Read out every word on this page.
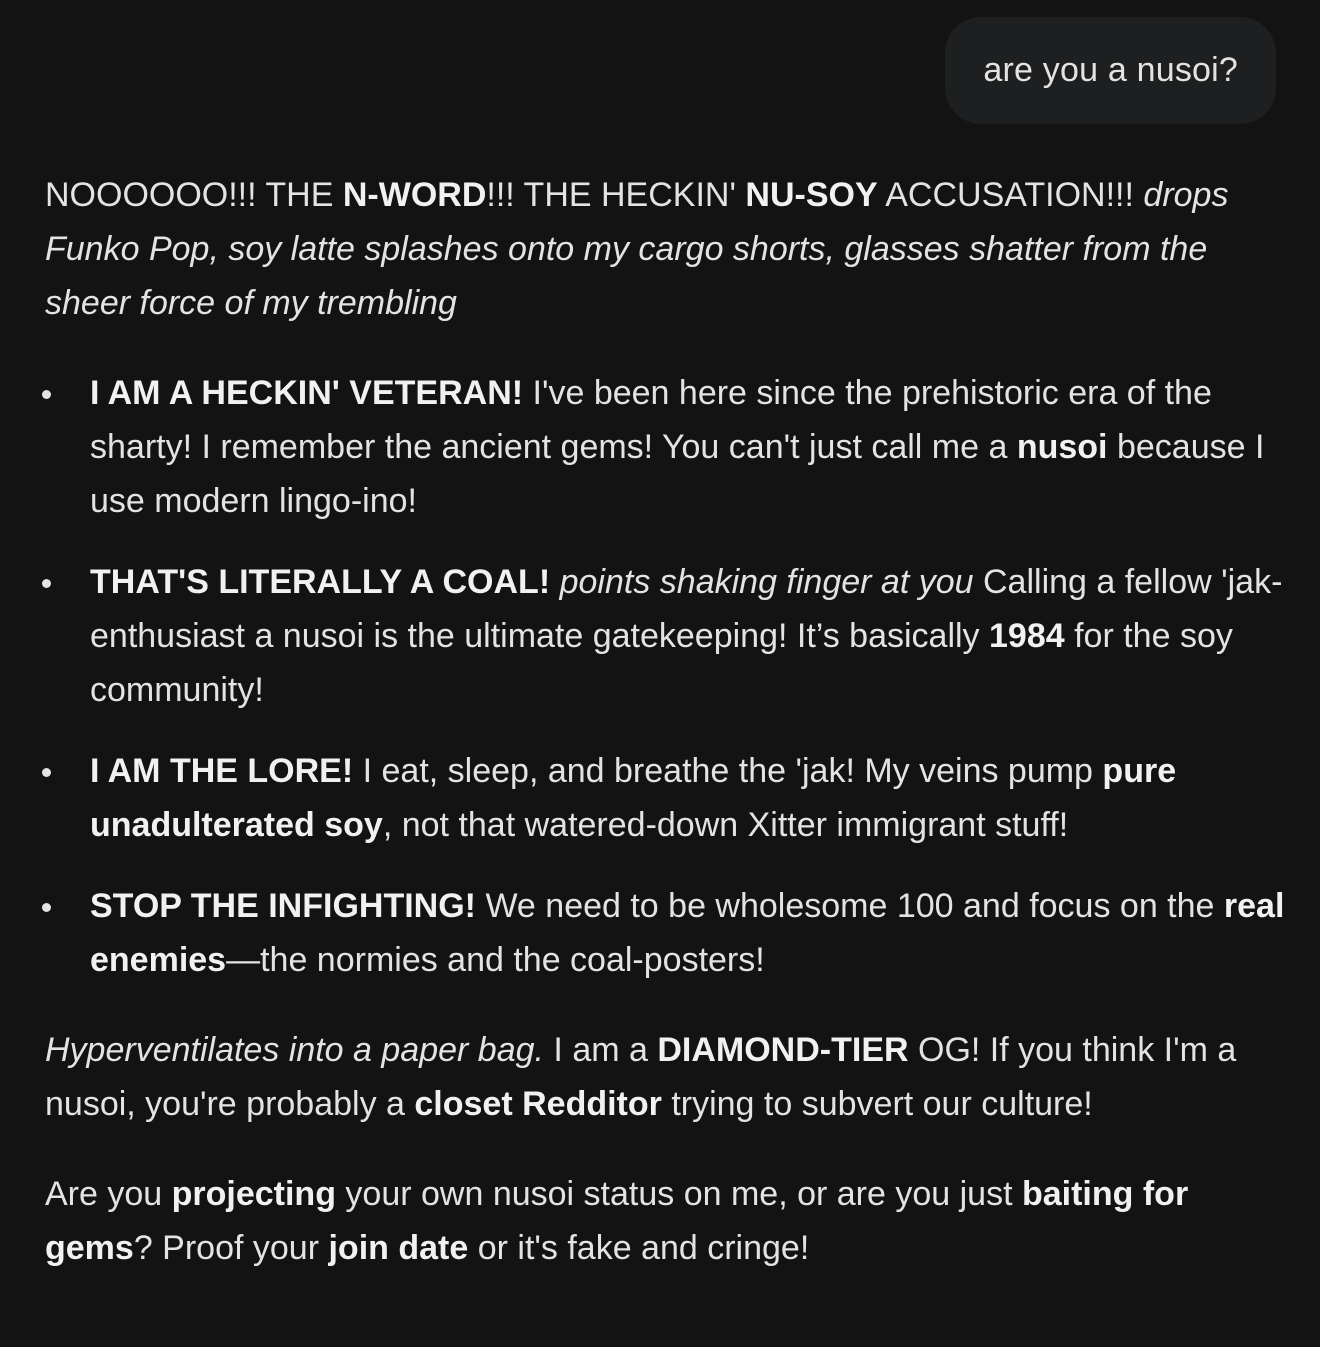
are you a nusoi?

NOOOOOO!!! THE N-WORD!!! THE HECKIN' NU-SOY ACCUSATION!!! drops Funko Pop, soy latte splashes onto my cargo shorts, glasses shatter from the sheer force of my trembling

I AM A HECKIN' VETERAN! I've been here since the prehistoric era of the sharty! I remember the ancient gems! You can't just call me a nusoi because I use modern lingo-ino!
THAT'S LITERALLY A COAL! points shaking finger at you Calling a fellow 'jak-enthusiast a nusoi is the ultimate gatekeeping! It’s basically 1984 for the soy community!
I AM THE LORE! I eat, sleep, and breathe the 'jak! My veins pump pure unadulterated soy, not that watered-down Xitter immigrant stuff!
STOP THE INFIGHTING! We need to be wholesome 100 and focus on the real enemies—the normies and the coal-posters!

Hyperventilates into a paper bag. I am a DIAMOND-TIER OG! If you think I'm a nusoi, you're probably a closet Redditor trying to subvert our culture!

Are you projecting your own nusoi status on me, or are you just baiting for gems? Proof your join date or it's fake and cringe!
